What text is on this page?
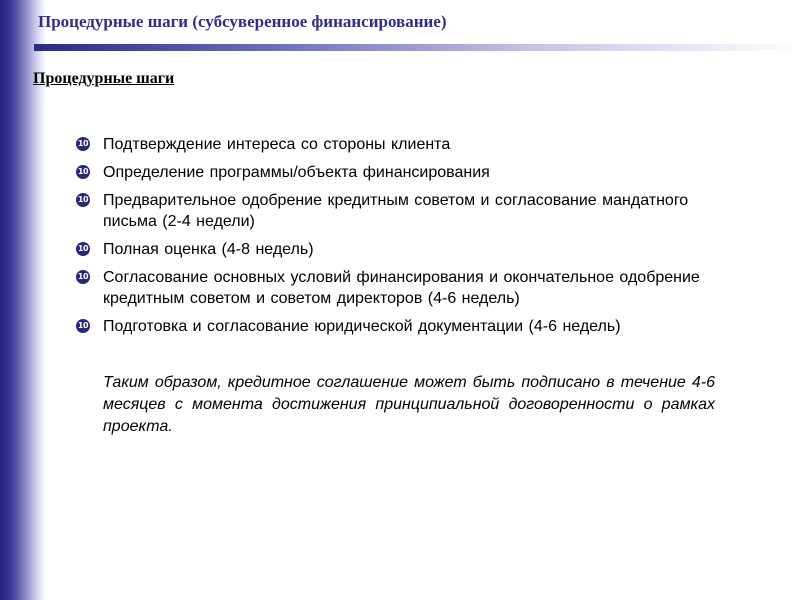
Процедурные шаги (субсуверенное финансирование)
Процедурные шаги
10 Подтверждение интереса со стороны клиента
10 Определение программы/объекта финансирования
10 Предварительное одобрение кредитным советом и согласование мандатного письма (2-4 недели)
10 Полная оценка (4-8 недель)
10 Согласование основных условий финансирования и окончательное одобрение кредитным советом и советом директоров (4-6 недель)
10 Подготовка и согласование юридической документации (4-6 недель)

Таким образом, кредитное соглашение может быть подписано в течение 4-6 месяцев с момента достижения принципиальной договоренности о рамках проекта.
